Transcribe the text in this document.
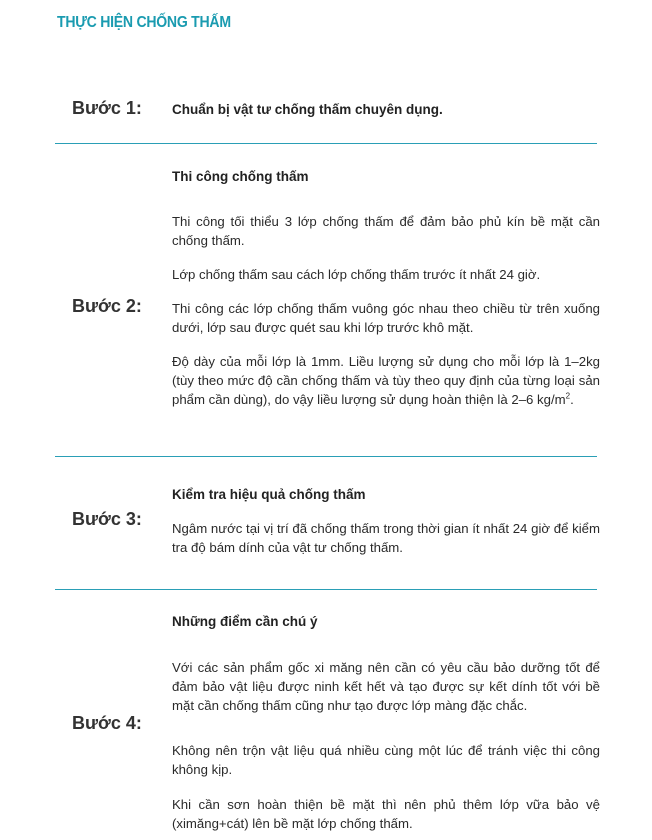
THỰC HIỆN CHỐNG THẤM
Bước 1: Chuẩn bị vật tư chống thấm chuyên dụng.
Thi công chống thấm
Thi công tối thiểu 3 lớp chống thấm để đảm bảo phủ kín bề mặt cần chống thấm.
Lớp chống thấm sau cách lớp chống thấm trước ít nhất 24 giờ.
Bước 2: Thi công các lớp chống thấm vuông góc nhau theo chiều từ trên xuống dưới, lớp sau được quét sau khi lớp trước khô mặt.
Độ dày của mỗi lớp là 1mm. Liều lượng sử dụng cho mỗi lớp là 1–2kg (tùy theo mức độ cần chống thấm và tùy theo quy định của từng loại sản phẩm cần dùng), do vậy liều lượng sử dụng hoàn thiện là 2–6 $kg/m^2$.
Kiểm tra hiệu quả chống thấm
Bước 3: Ngâm nước tại vị trí đã chống thấm trong thời gian ít nhất 24 giờ để kiểm tra độ bám dính của vật tư chống thấm.
Những điểm cần chú ý
Với các sản phẩm gốc xi măng nên cần có yêu cầu bảo dưỡng tốt để đảm bảo vật liệu được ninh kết hết và tạo được sự kết dính tốt với bề mặt cần chống thấm cũng như tạo được lớp màng đặc chắc.
Bước 4:
Không nên trộn vật liệu quá nhiều cùng một lúc để tránh việc thi công không kịp.
Khi cần sơn hoàn thiện bề mặt thì nên phủ thêm lớp vữa bảo vệ (ximăng+cát) lên bề mặt lớp chống thấm.
